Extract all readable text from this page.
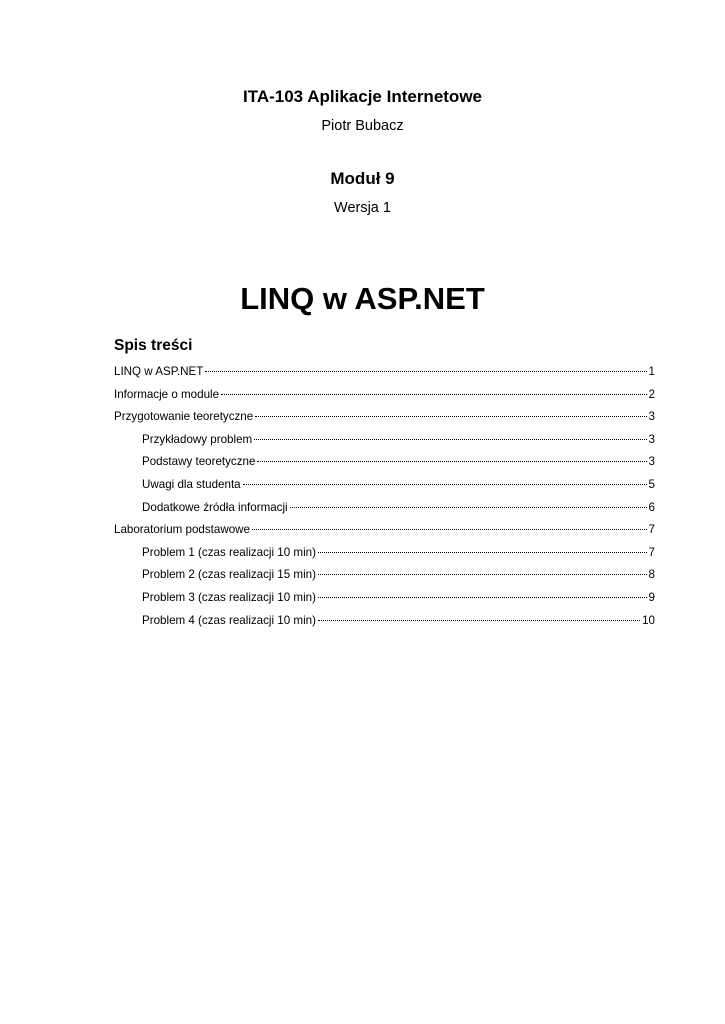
ITA-103 Aplikacje Internetowe
Piotr Bubacz
Moduł 9
Wersja 1
LINQ w ASP.NET
Spis treści
LINQ w ASP.NET	1
Informacje o module	2
Przygotowanie teoretyczne	3
Przykładowy problem	3
Podstawy teoretyczne	3
Uwagi dla studenta	5
Dodatkowe źródła informacji	6
Laboratorium podstawowe	7
Problem 1 (czas realizacji 10 min)	7
Problem 2 (czas realizacji 15 min)	8
Problem 3 (czas realizacji 10 min)	9
Problem 4 (czas realizacji 10 min)	10
